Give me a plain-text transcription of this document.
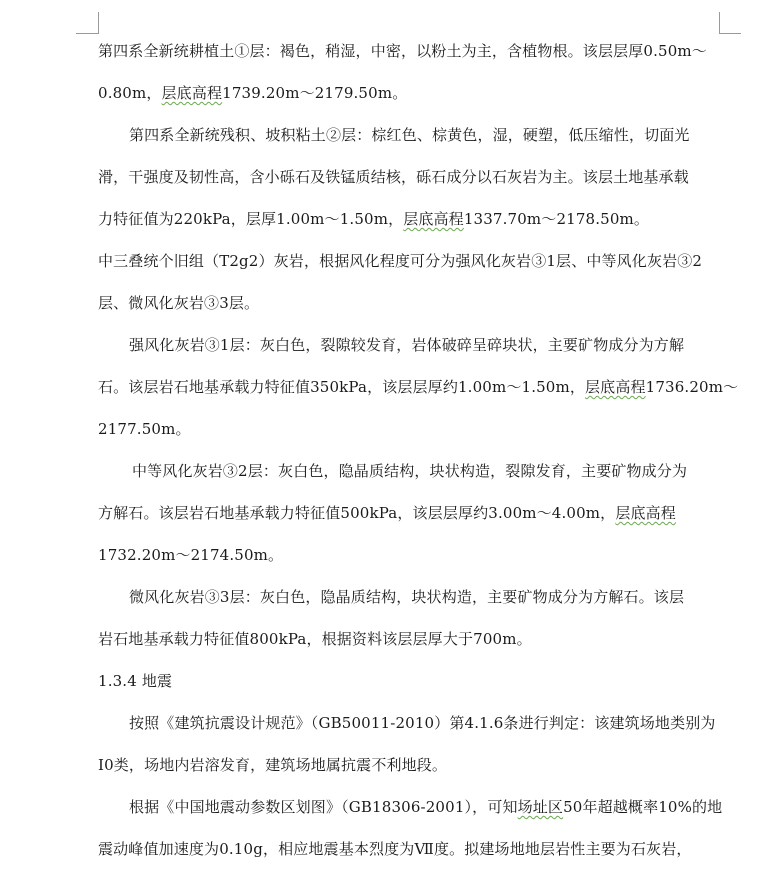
第四系全新统耕植土①层：褐色，稍湿，中密，以粉土为主，含植物根。该层层厚0.50m～
0.80m，层底高程1739.20m～2179.50m。
第四系全新统残积、坡积粘土②层：棕红色、棕黄色，湿，硬塑，低压缩性，切面光
滑，干强度及韧性高，含小砾石及铁锰质结核，砾石成分以石灰岩为主。该层土地基承载
力特征值为220kPa，层厚1.00m～1.50m，层底高程1337.70m～2178.50m。
中三叠统个旧组（T2g2）灰岩，根据风化程度可分为强风化灰岩③1层、中等风化灰岩③2
层、微风化灰岩③3层。
强风化灰岩③1层：灰白色，裂隙较发育，岩体破碎呈碎块状，主要矿物成分为方解
石。该层岩石地基承载力特征值350kPa，该层层厚约1.00m～1.50m，层底高程1736.20m～
2177.50m。
中等风化灰岩③2层：灰白色，隐晶质结构，块状构造，裂隙发育，主要矿物成分为
方解石。该层岩石地基承载力特征值500kPa，该层层厚约3.00m～4.00m，层底高程
1732.20m～2174.50m。
微风化灰岩③3层：灰白色，隐晶质结构，块状构造，主要矿物成分为方解石。该层
岩石地基承载力特征值800kPa，根据资料该层层厚大于700m。
1.3.4 地震
按照《建筑抗震设计规范》（GB50011-2010）第4.1.6条进行判定：该建筑场地类别为
Ⅰ0类，场地内岩溶发育，建筑场地属抗震不利地段。
根据《中国地震动参数区划图》（GB18306-2001），可知场址区50年超越概率10%的地
震动峰值加速度为0.10g，相应地震基本烈度为Ⅶ度。拟建场地地层岩性主要为石灰岩，
